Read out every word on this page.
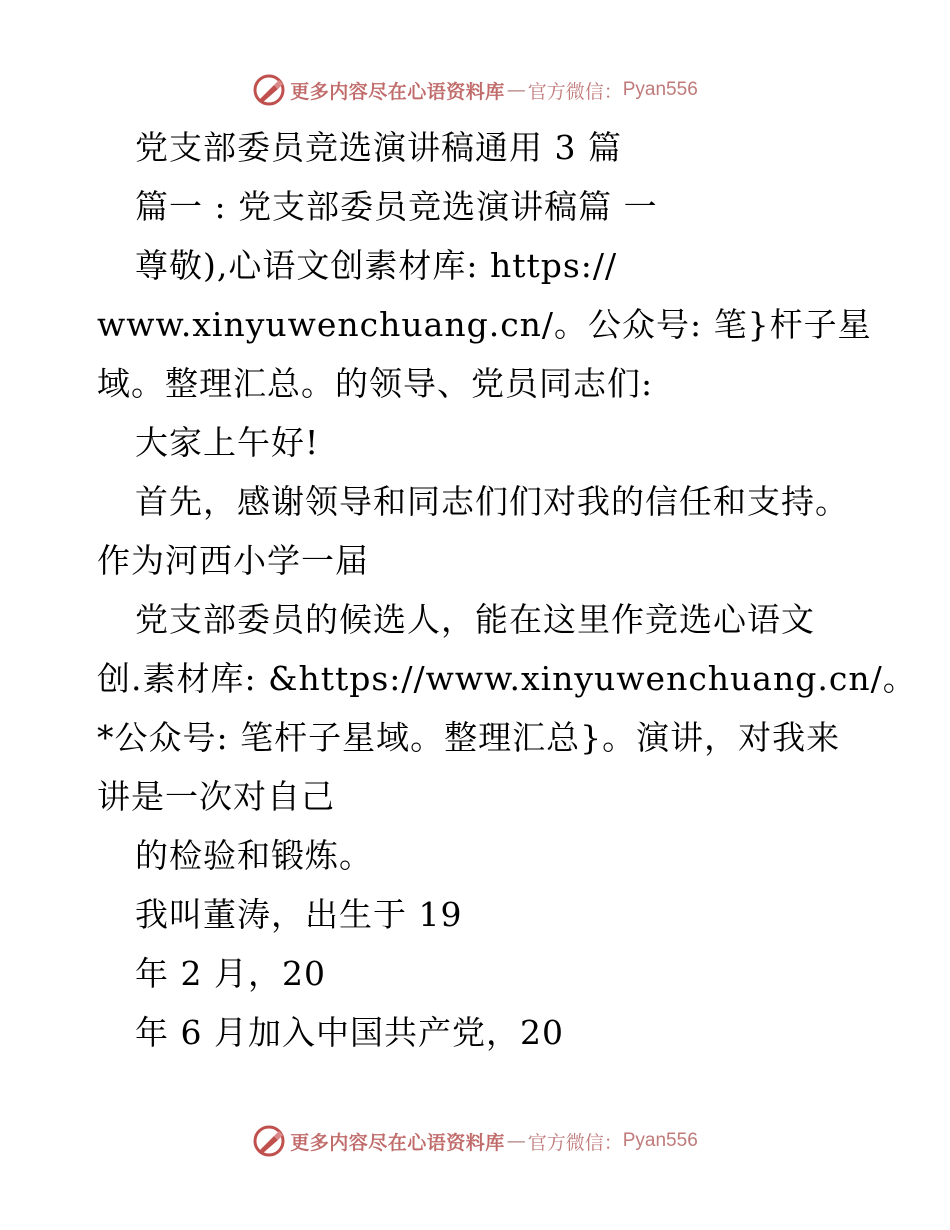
更多内容尽在心语资料库 — 官方微信： Pyan556
党支部委员竞选演讲稿通用 3 篇
篇一 : 党支部委员竞选演讲稿篇 一
尊敬),心语文创素材库: https://
www.xinyuwenchuang.cn/。公众号: 笔}杆子星
域。整理汇总。的领导、党员同志们:
大家上午好!
首先，感谢领导和同志们们对我的信任和支持。
作为河西小学一届
党支部委员的候选人，能在这里作竞选心语文
创.素材库: &https://www.xinyuwenchuang.cn/。
*公众号: 笔杆子星域。整理汇总}。演讲，对我来
讲是一次对自己
的检验和锻炼。
我叫董涛，出生于 19
年 2 月，20
年 6 月加入中国共产党，20
更多内容尽在心语资料库 — 官方微信： Pyan556
